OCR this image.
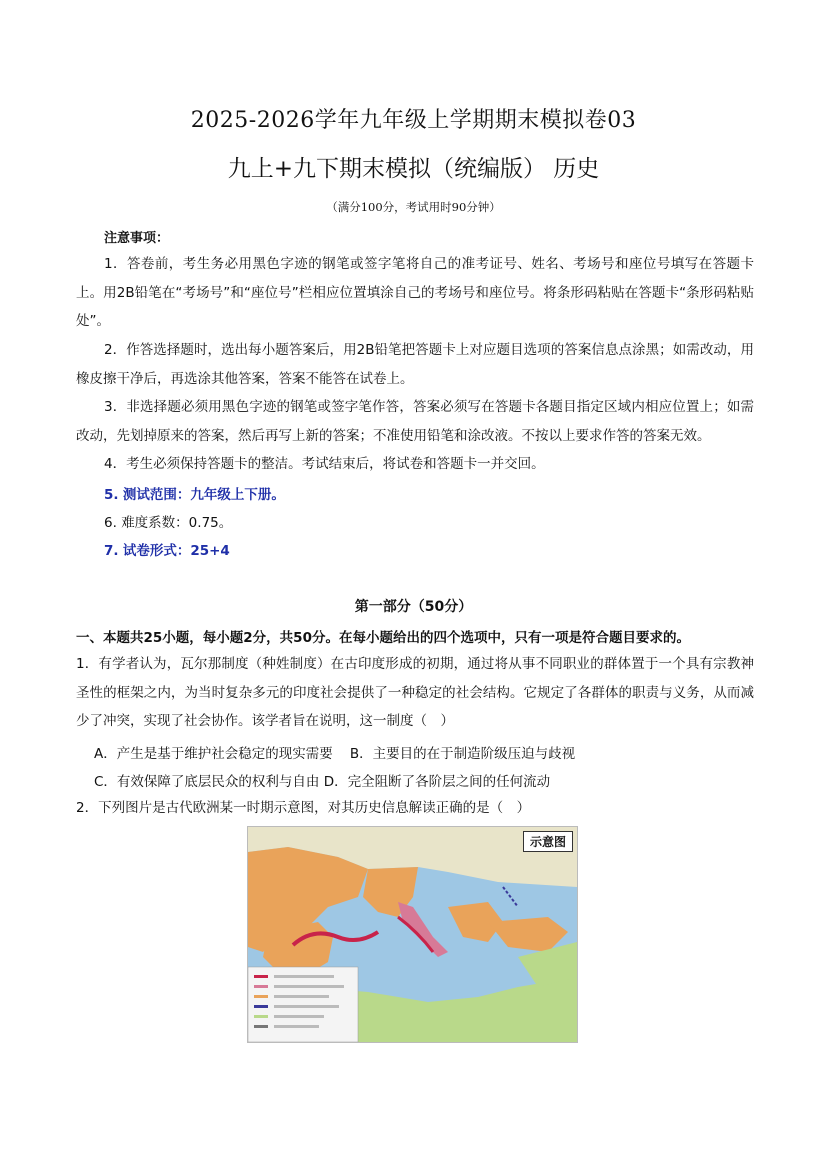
2025-2026学年九年级上学期期末模拟卷03
九上+九下期末模拟（统编版） 历史
（满分100分，考试用时90分钟）
注意事项：
1．答卷前，考生务必用黑色字迹的钢笔或签字笔将自己的准考证号、姓名、考场号和座位号填写在答题卡上。用2B铅笔在“考场号”和“座位号”栏相应位置填涂自己的考场号和座位号。将条形码粘贴在答题卡“条形码粘贴处”。
2．作答选择题时，选出每小题答案后，用2B铅笔把答题卡上对应题目选项的答案信息点涂黑；如需改动，用橡皮擦干净后，再选涂其他答案，答案不能答在试卷上。
3．非选择题必须用黑色字迹的钢笔或签字笔作答，答案必须写在答题卡各题目指定区域内相应位置上；如需改动，先划掉原来的答案，然后再写上新的答案；不准使用铅笔和涂改液。不按以上要求作答的答案无效。
4．考生必须保持答题卡的整洁。考试结束后，将试卷和答题卡一并交回。
5. 测试范围：九年级上下册。
6. 难度系数：0.75。
7. 试卷形式：25+4
第一部分（50分）
一、本题共25小题，每小题2分，共50分。在每小题给出的四个选项中，只有一项是符合题目要求的。
1．有学者认为，瓦尔那制度（种姓制度）在古印度形成的初期，通过将从事不同职业的群体置于一个具有宗教神圣性的框架之内，为当时复杂多元的印度社会提供了一种稳定的社会结构。它规定了各群体的职责与义务，从而减少了冲突，实现了社会协作。该学者旨在说明，这一制度（　）
A．产生是基于维护社会稳定的现实需要 B．主要目的在于制造阶级压迫与歧视
C．有效保障了底层民众的权利与自由 D．完全阻断了各阶层之间的任何流动
2．下列图片是古代欧洲某一时期示意图，对其历史信息解读正确的是（　）
示意图
